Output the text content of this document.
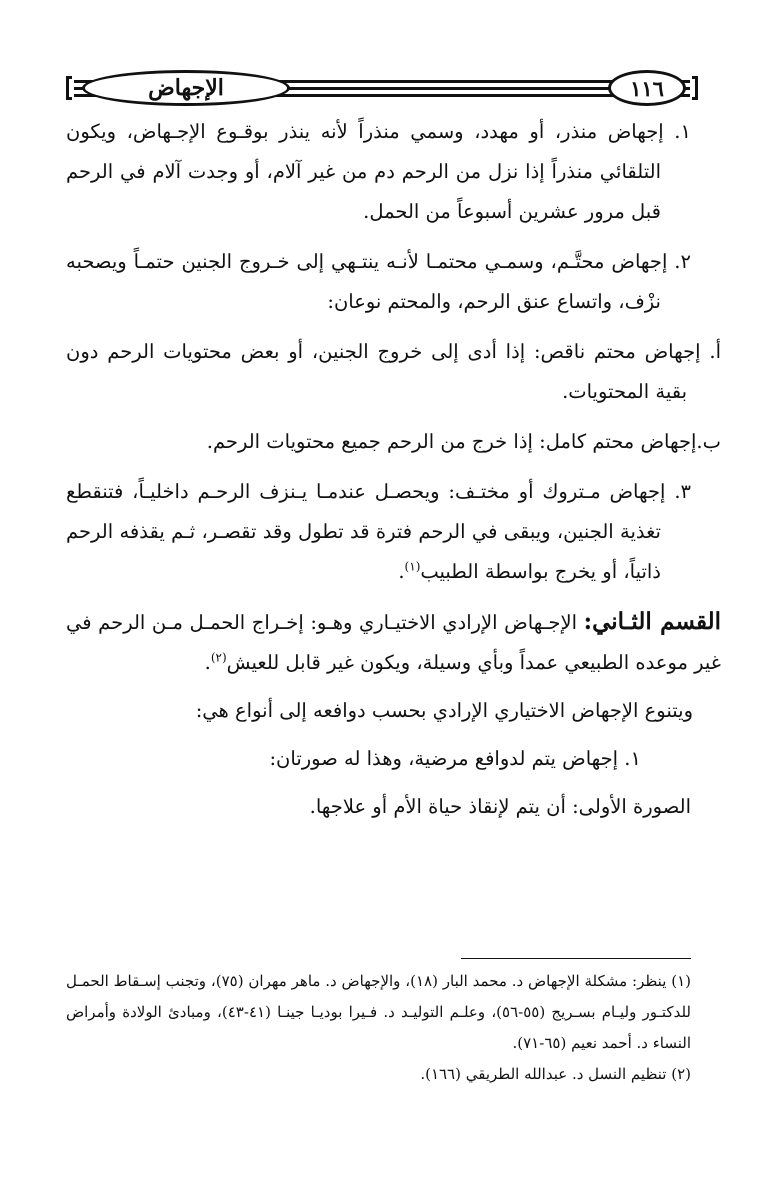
الإجهاض	١١٦

١. إجهاض منذر، أو مهدد، وسمي منذراً لأنه ينذر بوقـوع الإجـهاض، ويكون التلقائي منذراً إذا نزل من الرحم دم من غير آلام، أو وجدت آلام في الرحم قبل مرور عشرين أسبوعاً من الحمل.

٢. إجهاض محتَّـم، وسمـي محتمـا لأنـه ينتـهي إلى خـروج الجنين حتمـاً ويصحبه نزْف، واتساع عنق الرحم، والمحتم نوعان:

أ. إجهاض محتم ناقص: إذا أدى إلى خروج الجنين، أو بعض محتويات الرحم دون بقية المحتويات.

ب.إجهاض محتم كامل: إذا خرج من الرحم جميع محتويات الرحم.

٣. إجهاض مـتروك أو مختـف: ويحصـل عندمـا يـنزف الرحـم داخليـاً، فتنقطع تغذية الجنين، ويبقى في الرحم فترة قد تطول وقد تقصـر، ثـم يقذفه الرحم ذاتياً، أو يخرج بواسطة الطبيب$^{(١)}$.

القسم الثـاني: الإجـهاض الإرادي الاختيـاري وهـو: إخـراج الحمـل مـن الرحم في غير موعده الطبيعي عمداً وبأي وسيلة، ويكون غير قابل للعيش$^{(٢)}$.

ويتنوع الإجهاض الاختياري الإرادي بحسب دوافعه إلى أنواع هي:

١. إجهاض يتم لدوافع مرضية، وهذا له صورتان:

الصورة الأولى: أن يتم لإنقاذ حياة الأم أو علاجها.

(١) ينظر: مشكلة الإجهاض د. محمد البار (١٨)، والإجهاض د. ماهر مهران (٧٥)، وتجنب إسـقاط الحمـل للدكتـور وليـام بسـريج (٥٥-٥٦)، وعلـم التوليـد د. فـيرا بوديـا جينـا (٤١-٤٣)، ومبادئ الولادة وأمراض النساء د. أحمد نعيم (٦٥-٧١).

(٢) تنظيم النسل د. عبدالله الطريقي (١٦٦).
